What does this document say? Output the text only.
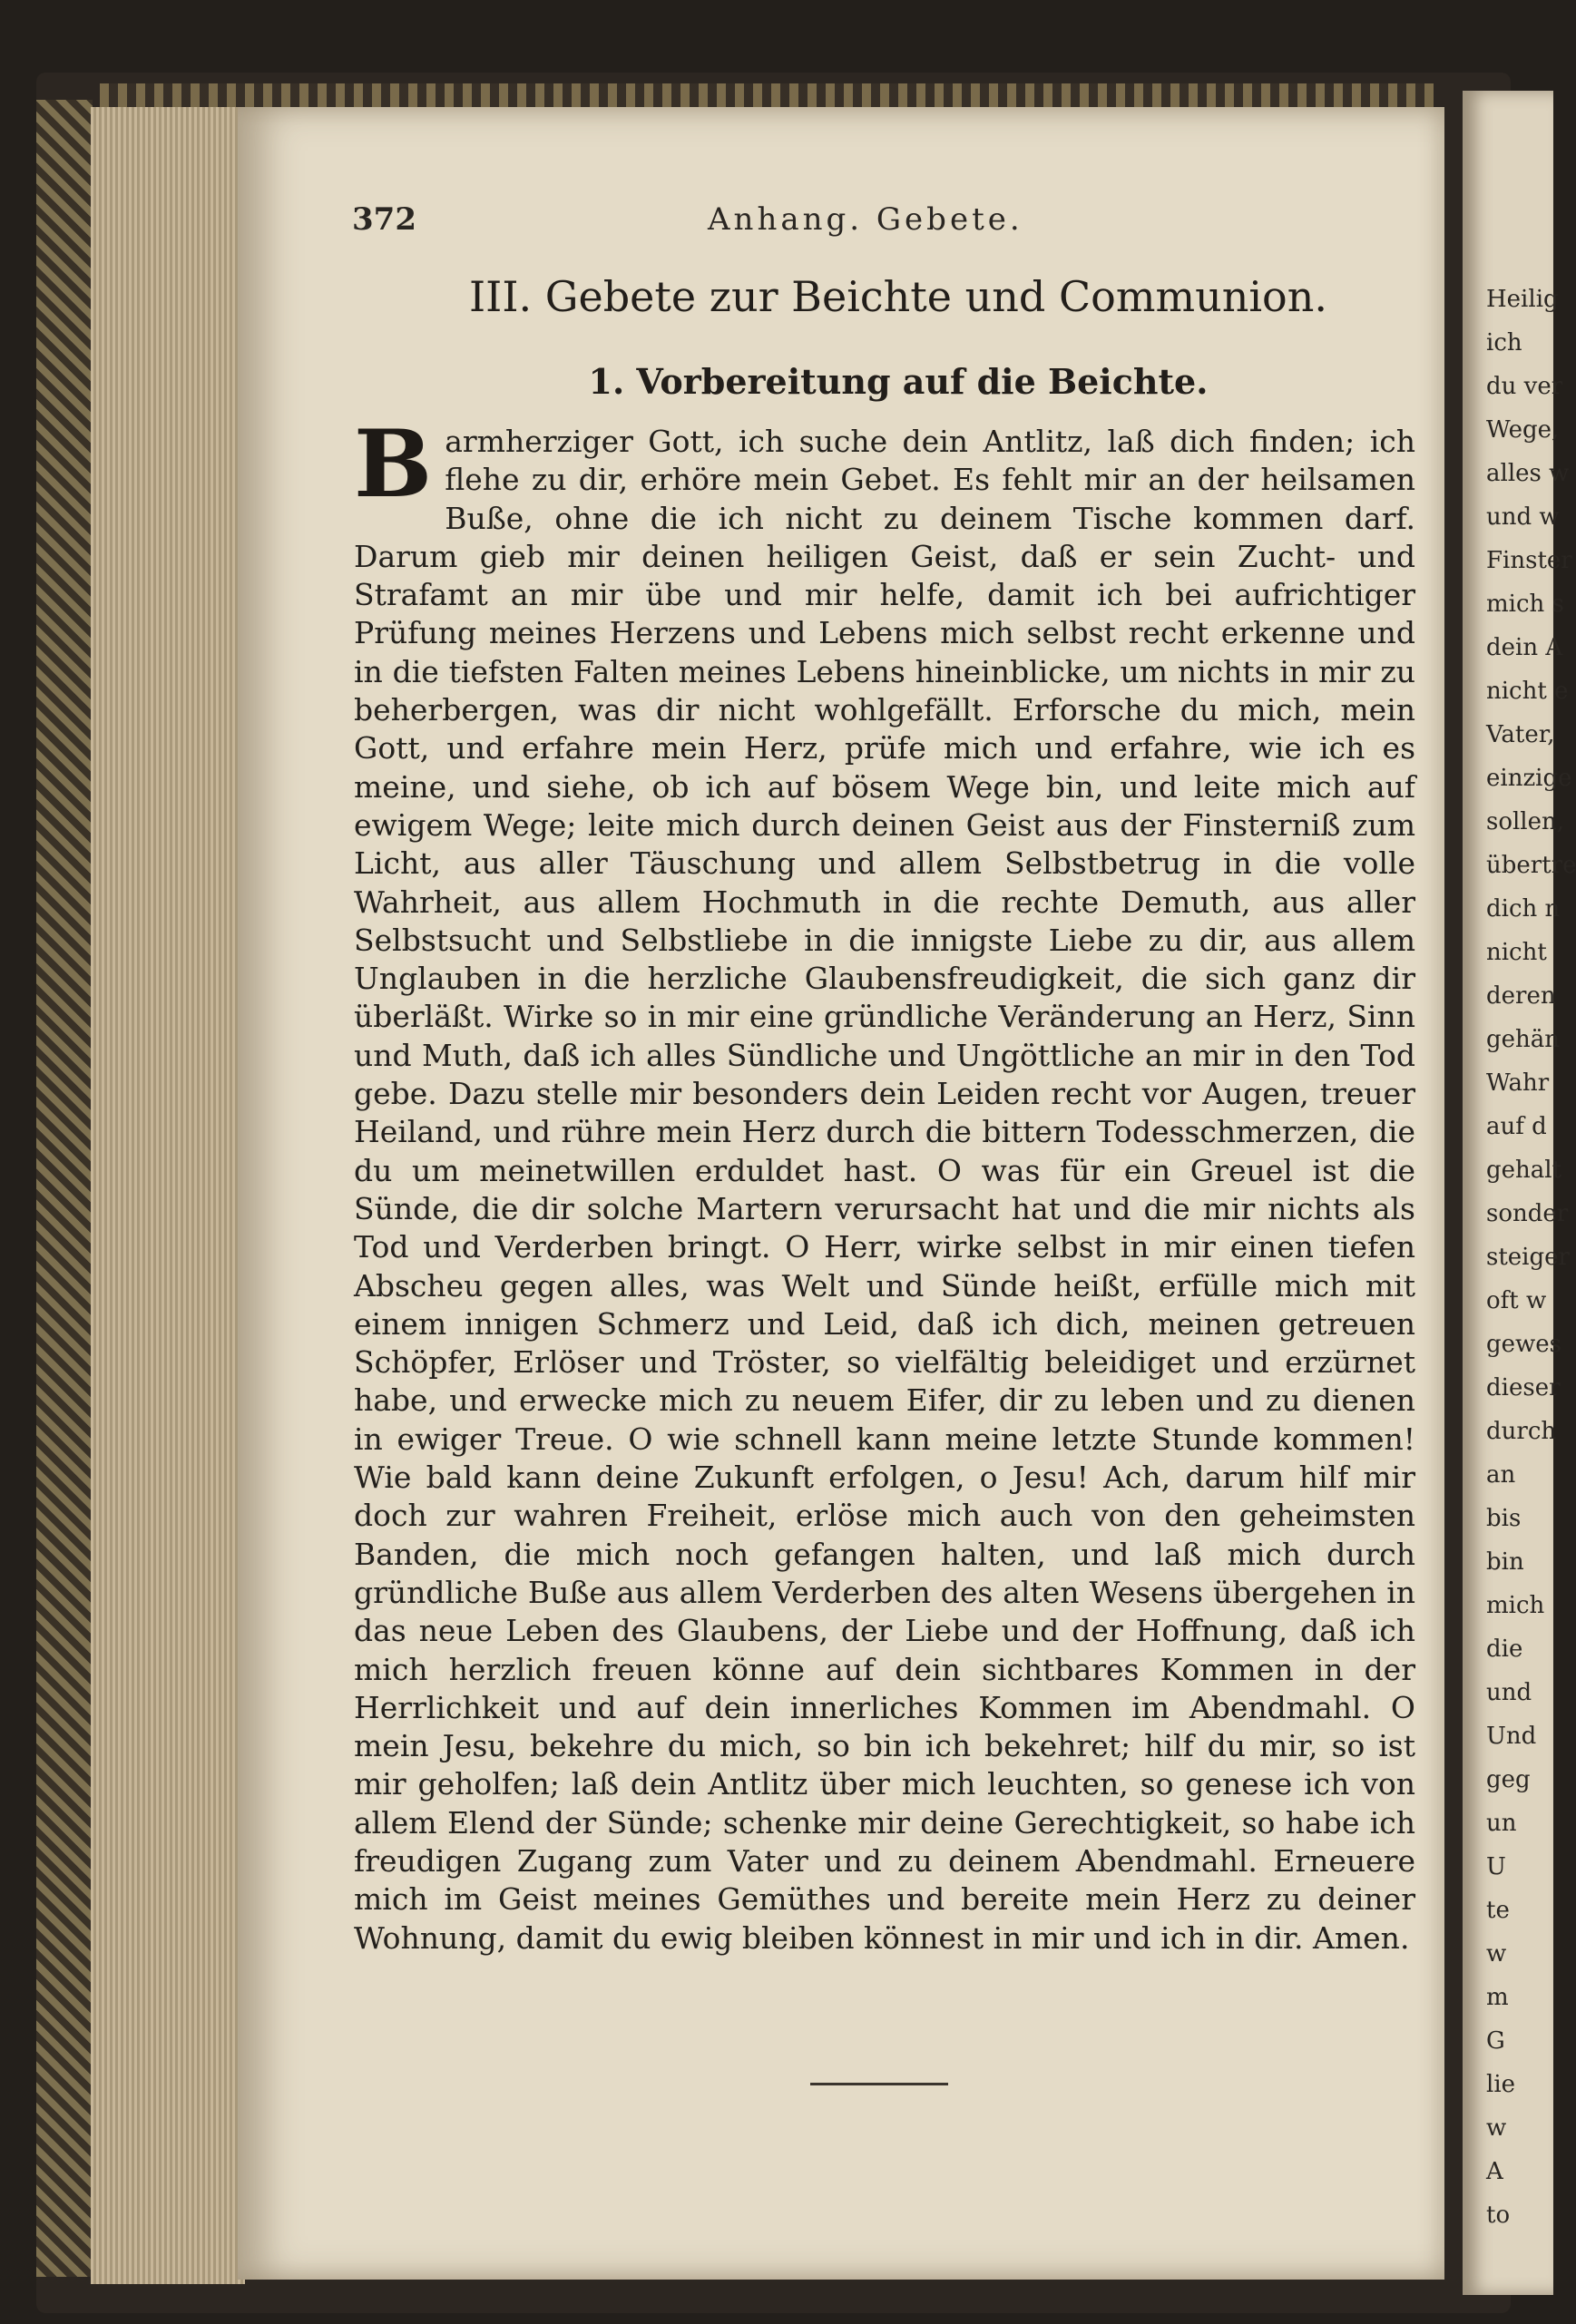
Heilig
ich
du ver
Wege,
alles w
und w
Finster
mich s
dein A
nicht e
Vater,
einzige
sollen,
übertre
dich n
nicht
deren
gehän
Wahr
auf d
gehalt
sonder
steiger
oft w
gewes
dieser
durch
an
bis
bin
mich
die
und
Und
geg
un
U
te
w
m
G
lie
w
A
to
372	Anhang. Gebete.
III. Gebete zur Beichte und Communion.
1. Vorbereitung auf die Beichte.
Barmherziger Gott, ich suche dein Antlitz, laß dich finden; ich flehe zu dir, erhöre mein Gebet. Es fehlt mir an der heilsamen Buße, ohne die ich nicht zu deinem Tische kommen darf. Darum gieb mir deinen heiligen Geist, daß er sein Zucht- und Strafamt an mir übe und mir helfe, damit ich bei aufrichtiger Prüfung meines Herzens und Lebens mich selbst recht erkenne und in die tiefsten Falten meines Lebens hineinblicke, um nichts in mir zu beherbergen, was dir nicht wohlgefällt. Erforsche du mich, mein Gott, und erfahre mein Herz, prüfe mich und erfahre, wie ich es meine, und siehe, ob ich auf bösem Wege bin, und leite mich auf ewigem Wege; leite mich durch deinen Geist aus der Finsterniß zum Licht, aus aller Täuschung und allem Selbstbetrug in die volle Wahrheit, aus allem Hochmuth in die rechte Demuth, aus aller Selbstsucht und Selbstliebe in die innigste Liebe zu dir, aus allem Unglauben in die herzliche Glaubensfreudigkeit, die sich ganz dir überläßt. Wirke so in mir eine gründliche Veränderung an Herz, Sinn und Muth, daß ich alles Sündliche und Ungöttliche an mir in den Tod gebe. Dazu stelle mir besonders dein Leiden recht vor Augen, treuer Heiland, und rühre mein Herz durch die bittern Todesschmerzen, die du um meinetwillen erduldet hast. O was für ein Greuel ist die Sünde, die dir solche Martern verursacht hat und die mir nichts als Tod und Verderben bringt. O Herr, wirke selbst in mir einen tiefen Abscheu gegen alles, was Welt und Sünde heißt, erfülle mich mit einem innigen Schmerz und Leid, daß ich dich, meinen getreuen Schöpfer, Erlöser und Tröster, so vielfältig beleidiget und erzürnet habe, und erwecke mich zu neuem Eifer, dir zu leben und zu dienen in ewiger Treue. O wie schnell kann meine letzte Stunde kommen! Wie bald kann deine Zukunft erfolgen, o Jesu! Ach, darum hilf mir doch zur wahren Freiheit, erlöse mich auch von den geheimsten Banden, die mich noch gefangen halten, und laß mich durch gründliche Buße aus allem Verderben des alten Wesens übergehen in das neue Leben des Glaubens, der Liebe und der Hoffnung, daß ich mich herzlich freuen könne auf dein sichtbares Kommen in der Herrlichkeit und auf dein innerliches Kommen im Abendmahl. O mein Jesu, bekehre du mich, so bin ich bekehret; hilf du mir, so ist mir geholfen; laß dein Antlitz über mich leuchten, so genese ich von allem Elend der Sünde; schenke mir deine Gerechtigkeit, so habe ich freudigen Zugang zum Vater und zu deinem Abendmahl. Erneuere mich im Geist meines Gemüthes und bereite mein Herz zu deiner Wohnung, damit du ewig bleiben könnest in mir und ich in dir. Amen.
